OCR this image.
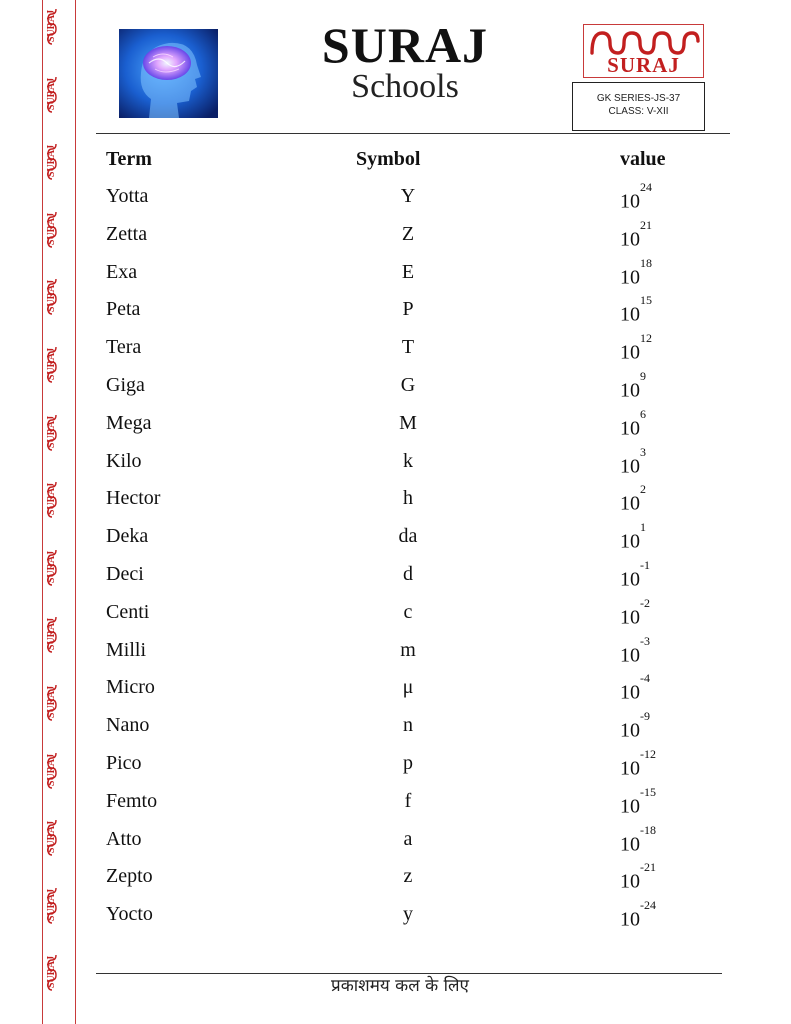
SURAJ
SURAJ
SURAJ
SURAJ
SURAJ
SURAJ
SURAJ
SURAJ
SURAJ
SURAJ
SURAJ
SURAJ
SURAJ
SURAJ
SURAJ
SURAJ
Schools
SURAJ
GK SERIES-JS-37
CLASS: V-XII
Term	Symbol	value
Yotta	Y	$10^{24}$
Zetta	Z	$10^{21}$
Exa	E	$10^{18}$
Peta	P	$10^{15}$
Tera	T	$10^{12}$
Giga	G	$10^9$
Mega	M	$10^6$
Kilo	k	$10^3$
Hector	h	$10^2$
Deka	da	$10^1$
Deci	d	$10^{-1}$
Centi	c	$10^{-2}$
Milli	m	$10^{-3}$
Micro	μ	$10^{-4}$
Nano	n	$10^{-9}$
Pico	p	$10^{-12}$
Femto	f	$10^{-15}$
Atto	a	$10^{-18}$
Zepto	z	$10^{-21}$
Yocto	y	$10^{-24}$
प्रकाशमय कल के लिए
